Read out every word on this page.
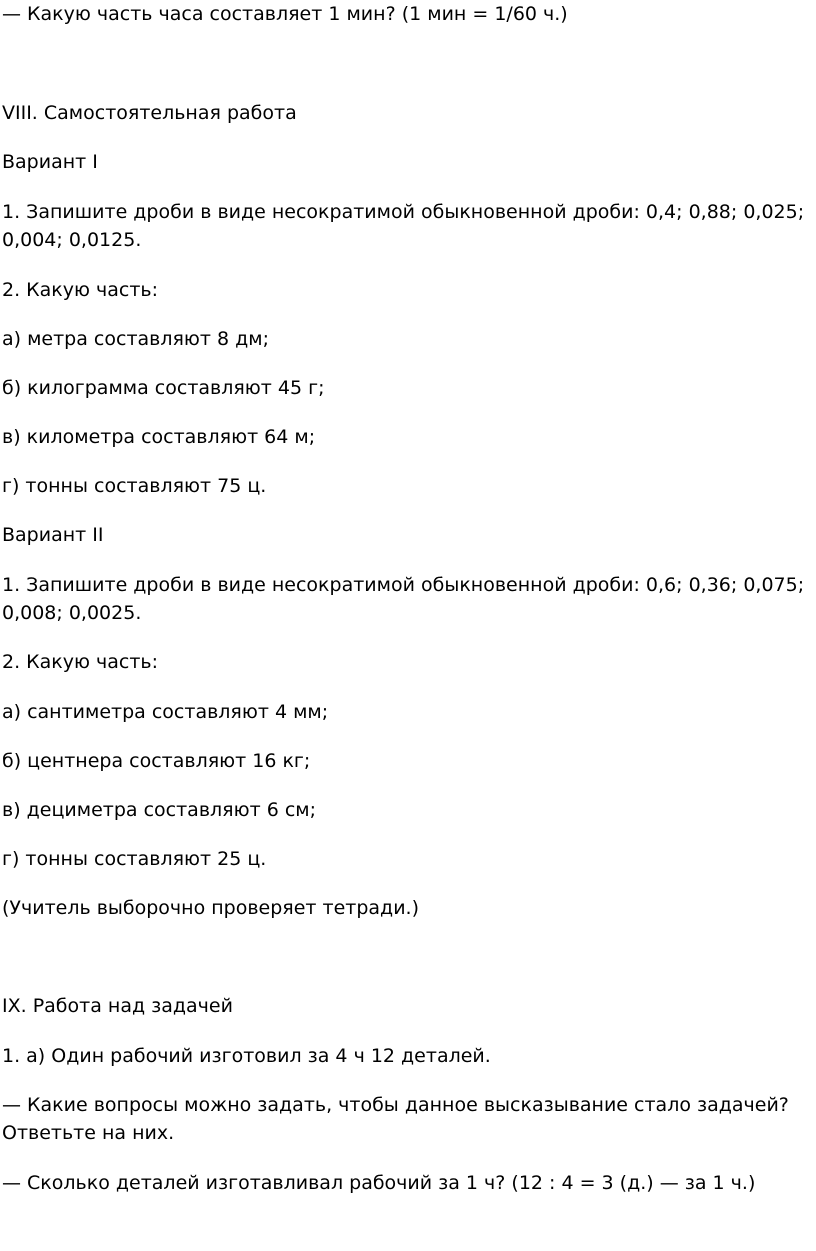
— Какую часть часа составляет 1 мин? (1 мин = 1/60 ч.)

VIII. Самостоятельная работа

Вариант I

1. Запишите дроби в виде несократимой обыкновенной дроби: 0,4; 0,88; 0,025; 0,004; 0,0125.

2. Какую часть:

а) метра составляют 8 дм;

б) килограмма составляют 45 г;

в) километра составляют 64 м;

г) тонны составляют 75 ц.

Вариант II

1. Запишите дроби в виде несократимой обыкновенной дроби: 0,6; 0,36; 0,075; 0,008; 0,0025.

2. Какую часть:

а) сантиметра составляют 4 мм;

б) центнера составляют 16 кг;

в) дециметра составляют 6 см;

г) тонны составляют 25 ц.

(Учитель выборочно проверяет тетради.)

IX. Работа над задачей

1. а) Один рабочий изготовил за 4 ч 12 деталей.

— Какие вопросы можно задать, чтобы данное высказывание стало задачей? Ответьте на них.

— Сколько деталей изготавливал рабочий за 1 ч? (12 : 4 = 3 (д.) — за 1 ч.)
